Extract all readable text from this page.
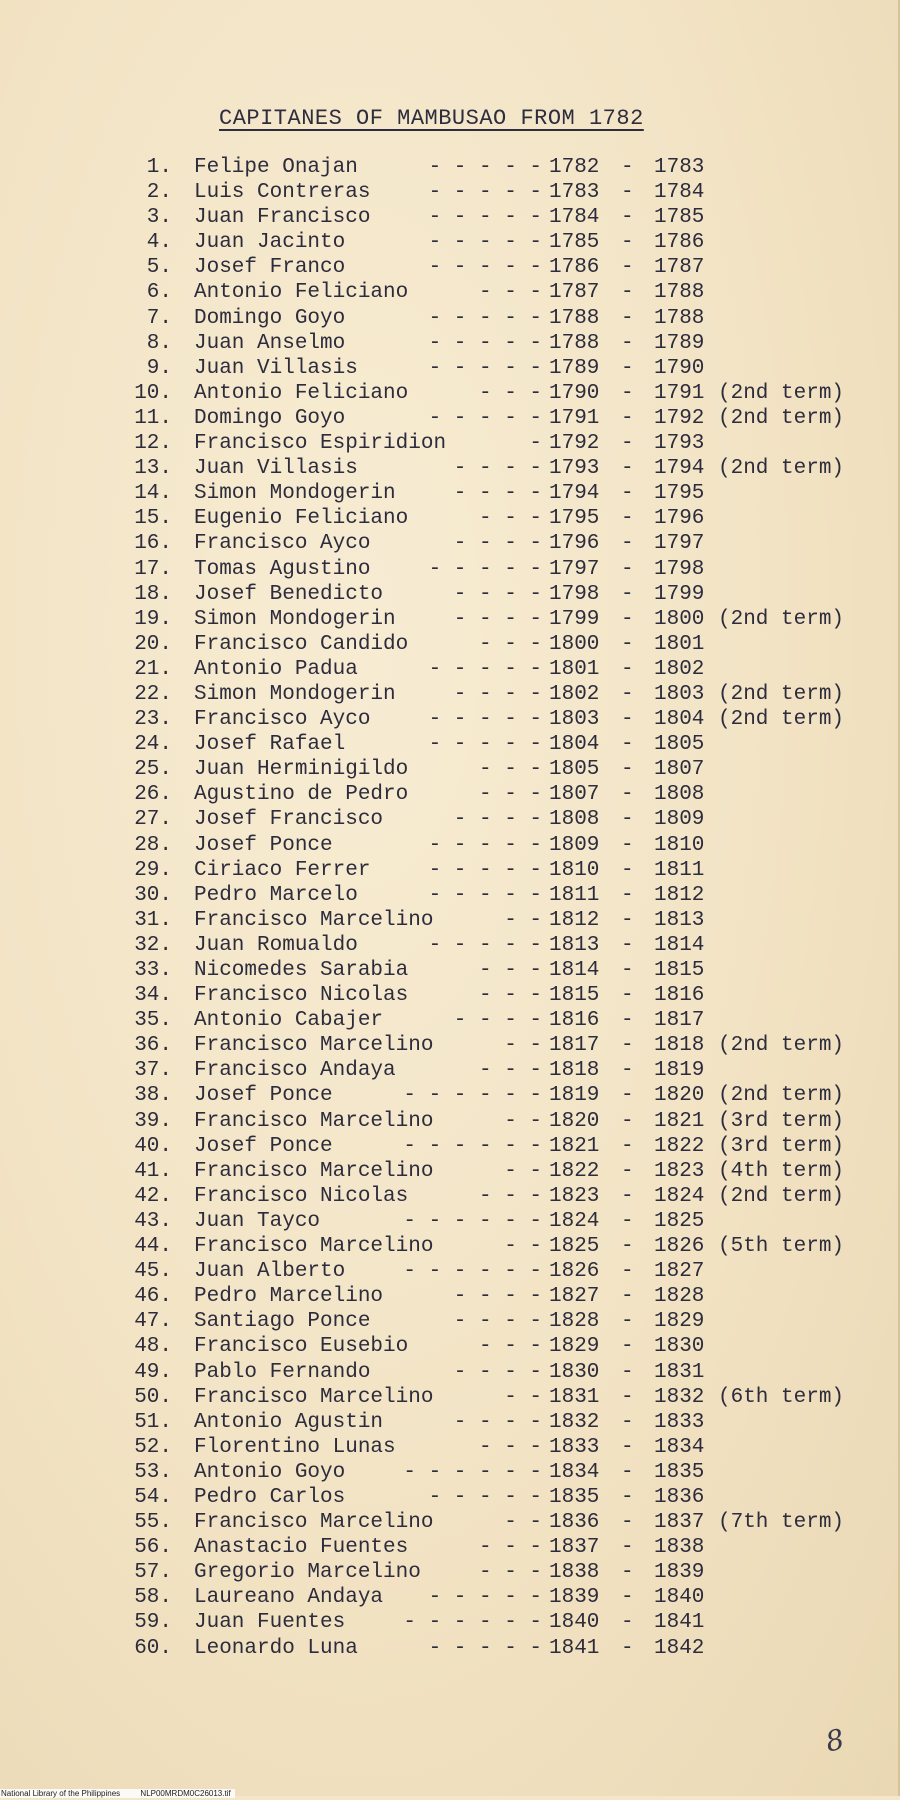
CAPITANES OF MAMBUSAO FROM 1782
1. Felipe Onajan	- - - - - 1782 - 1783
2. Luis Contreras	- - - - - 1783 - 1784
3. Juan Francisco	- - - - - 1784 - 1785
4. Juan Jacinto	- - - - - 1785 - 1786
5. Josef Franco	- - - - - 1786 - 1787
6. Antonio Feliciano	- - - 1787 - 1788
7. Domingo Goyo	- - - - - 1788 - 1788
8. Juan Anselmo	- - - - - 1788 - 1789
9. Juan Villasis	- - - - - 1789 - 1790
10. Antonio Feliciano	- - - 1790 - 1791 (2nd term)
11. Domingo Goyo	- - - - - 1791 - 1792 (2nd term)
12. Francisco Espiridion	- 1792 - 1793
13. Juan Villasis	- - - - 1793 - 1794 (2nd term)
14. Simon Mondogerin	- - - - 1794 - 1795
15. Eugenio Feliciano	- - - 1795 - 1796
16. Francisco Ayco	- - - - 1796 - 1797
17. Tomas Agustino	- - - - - 1797 - 1798
18. Josef Benedicto	- - - - 1798 - 1799
19. Simon Mondogerin	- - - - 1799 - 1800 (2nd term)
20. Francisco Candido	- - - 1800 - 1801
21. Antonio Padua	- - - - - 1801 - 1802
22. Simon Mondogerin	- - - - 1802 - 1803 (2nd term)
23. Francisco Ayco	- - - - - 1803 - 1804 (2nd term)
24. Josef Rafael	- - - - - 1804 - 1805
25. Juan Herminigildo	- - - 1805 - 1807
26. Agustino de Pedro	- - - 1807 - 1808
27. Josef Francisco	- - - - 1808 - 1809
28. Josef Ponce	- - - - - 1809 - 1810
29. Ciriaco Ferrer	- - - - - 1810 - 1811
30. Pedro Marcelo	- - - - - 1811 - 1812
31. Francisco Marcelino	- - 1812 - 1813
32. Juan Romualdo	- - - - - 1813 - 1814
33. Nicomedes Sarabia	- - - 1814 - 1815
34. Francisco Nicolas	- - - 1815 - 1816
35. Antonio Cabajer	- - - - 1816 - 1817
36. Francisco Marcelino	- - 1817 - 1818 (2nd term)
37. Francisco Andaya	- - - 1818 - 1819
38. Josef Ponce	- - - - - - 1819 - 1820 (2nd term)
39. Francisco Marcelino	- - 1820 - 1821 (3rd term)
40. Josef Ponce	- - - - - - 1821 - 1822 (3rd term)
41. Francisco Marcelino	- - 1822 - 1823 (4th term)
42. Francisco Nicolas	- - - 1823 - 1824 (2nd term)
43. Juan Tayco	- - - - - - 1824 - 1825
44. Francisco Marcelino	- - 1825 - 1826 (5th term)
45. Juan Alberto	- - - - - - 1826 - 1827
46. Pedro Marcelino	- - - - 1827 - 1828
47. Santiago Ponce	- - - - 1828 - 1829
48. Francisco Eusebio	- - - 1829 - 1830
49. Pablo Fernando	- - - - 1830 - 1831
50. Francisco Marcelino	- - 1831 - 1832 (6th term)
51. Antonio Agustin	- - - - 1832 - 1833
52. Florentino Lunas	- - - 1833 - 1834
53. Antonio Goyo	- - - - - - 1834 - 1835
54. Pedro Carlos	- - - - - 1835 - 1836
55. Francisco Marcelino	- - 1836 - 1837 (7th term)
56. Anastacio Fuentes	- - - 1837 - 1838
57. Gregorio Marcelino	- - - 1838 - 1839
58. Laureano Andaya	- - - - - 1839 - 1840
59. Juan Fuentes	- - - - - - 1840 - 1841
60. Leonardo Luna	- - - - - 1841 - 1842
8
National Library of the Philippines	NLP00MRDM0C26013.tif
